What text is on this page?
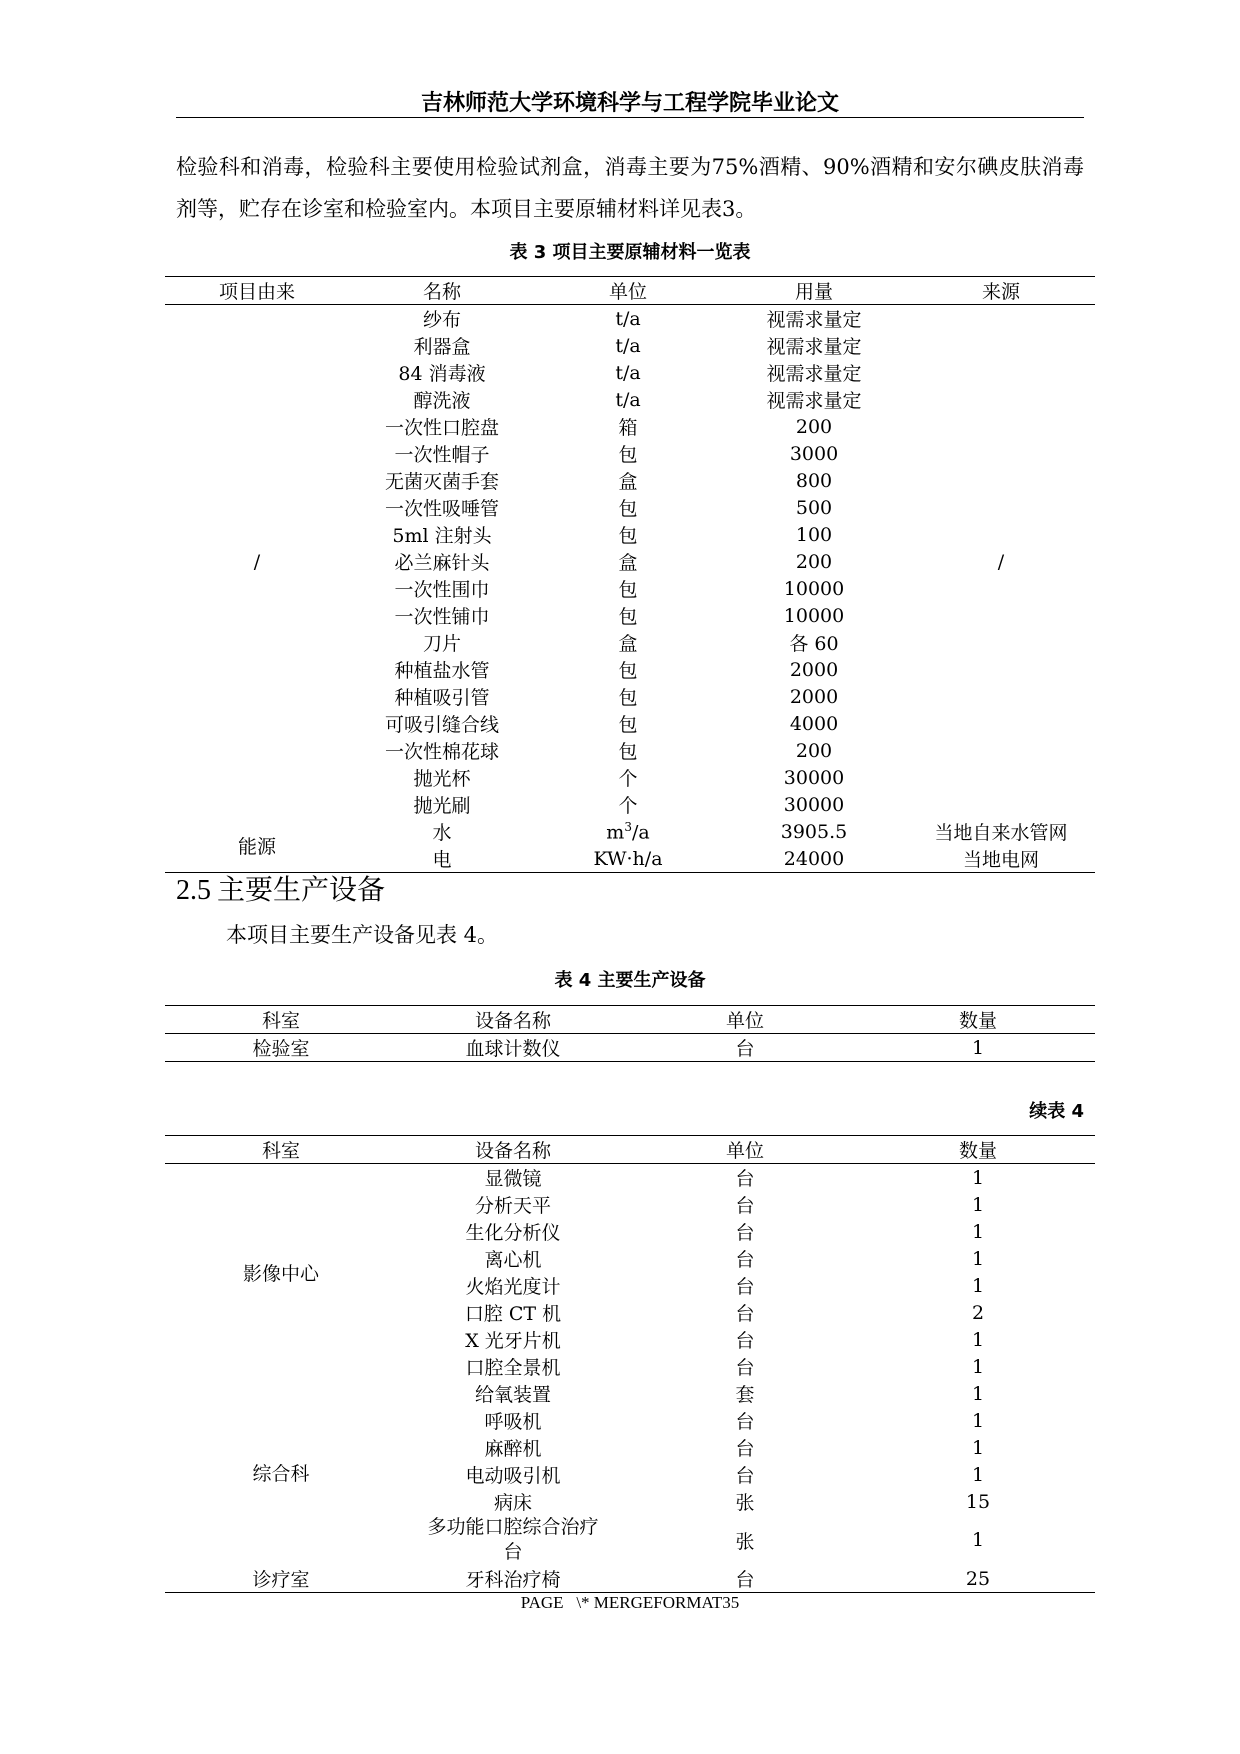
吉林师范大学环境科学与工程学院毕业论文
检验科和消毒，检验科主要使用检验试剂盒，消毒主要为75%酒精、90%酒精和安尔碘皮肤消毒剂等，贮存在诊室和检验室内。本项目主要原辅材料详见表3。
表 3 项目主要原辅材料一览表
项目由来	名称	单位	用量	来源
/	纱布	t/a	视需求量定	/
	利器盒	t/a	视需求量定	
	84 消毒液	t/a	视需求量定	
	醇洗液	t/a	视需求量定	
	一次性口腔盘	箱	200	
	一次性帽子	包	3000	
	无菌灭菌手套	盒	800	
	一次性吸唾管	包	500	
	5ml 注射头	包	100	
	必兰麻针头	盒	200	
	一次性围巾	包	10000	
	一次性铺巾	包	10000	
	刀片	盒	各 60	
	种植盐水管	包	2000	
	种植吸引管	包	2000	
	可吸引缝合线	包	4000	
	一次性棉花球	包	200	
	抛光杯	个	30000	
	抛光刷	个	30000	
能源	水	$m^3/a$	3905.5	当地自来水管网
	电	KW·h/a	24000	当地电网
2.5 主要生产设备
本项目主要生产设备见表 4。
表 4 主要生产设备
科室	设备名称	单位	数量
检验室	血球计数仪	台	1
续表 4
科室	设备名称	单位	数量
影像中心	显微镜	台	1
	分析天平	台	1
	生化分析仪	台	1
	离心机	台	1
	火焰光度计	台	1
	口腔 CT 机	台	2
	X 光牙片机	台	1
	口腔全景机	台	1
综合科	给氧装置	套	1
	呼吸机	台	1
	麻醉机	台	1
	电动吸引机	台	1
	病床	张	15
	多功能口腔综合治疗台	张	1
诊疗室	牙科治疗椅	台	25
PAGE   \* MERGEFORMAT35
